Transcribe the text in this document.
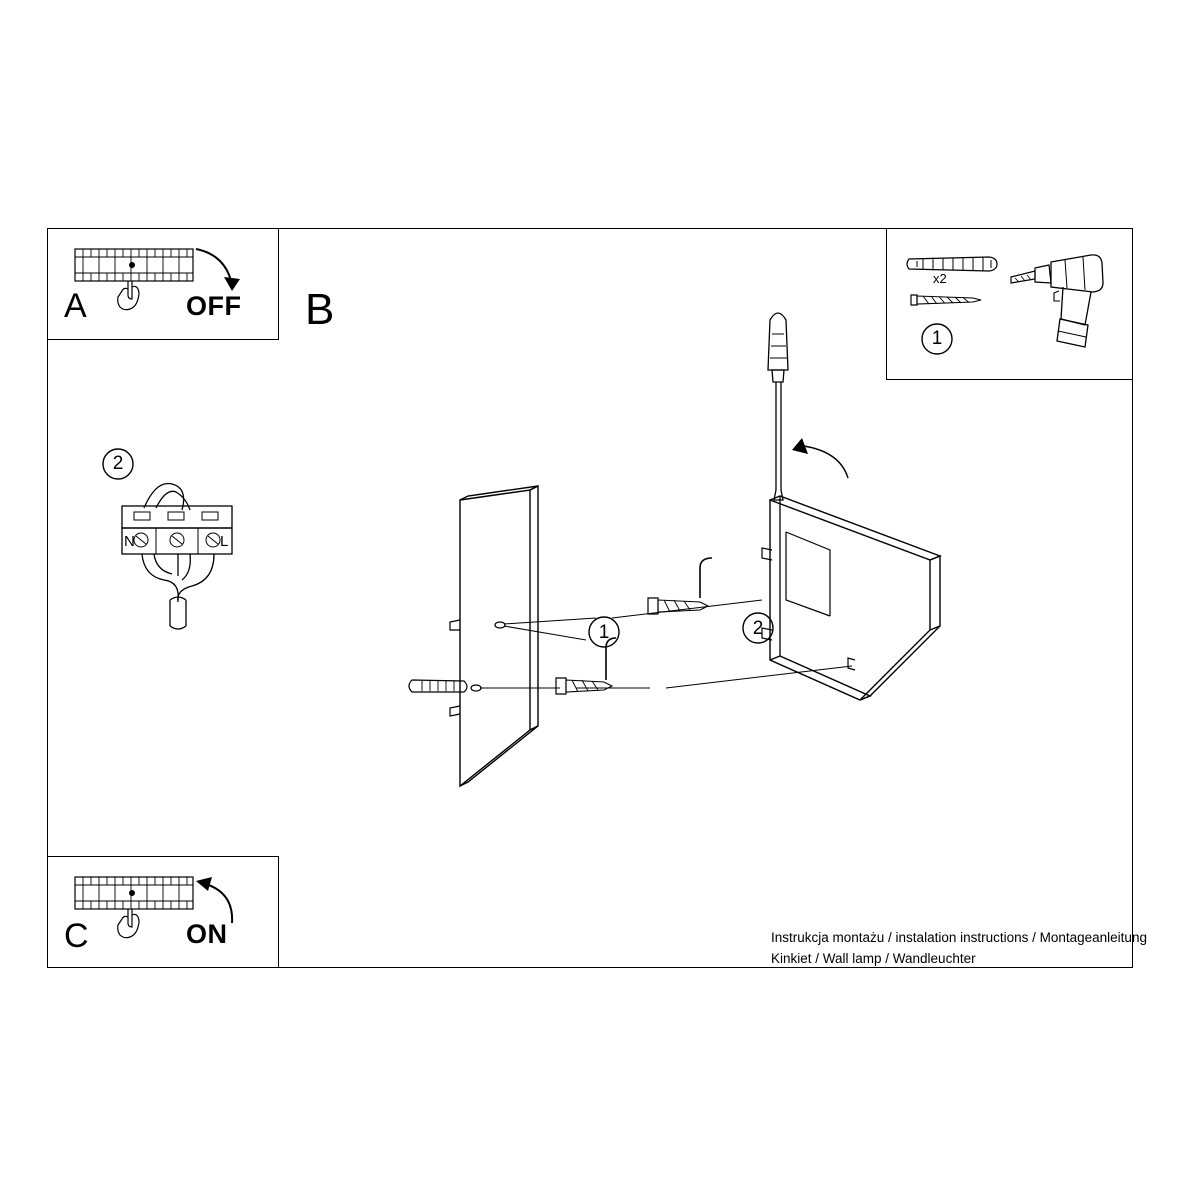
A	OFF
C	ON
B
x2
1
N	L
2
1	2
Instrukcja montażu / instalation instructions / Montageanleitung
Kinkiet / Wall lamp / Wandleuchter
